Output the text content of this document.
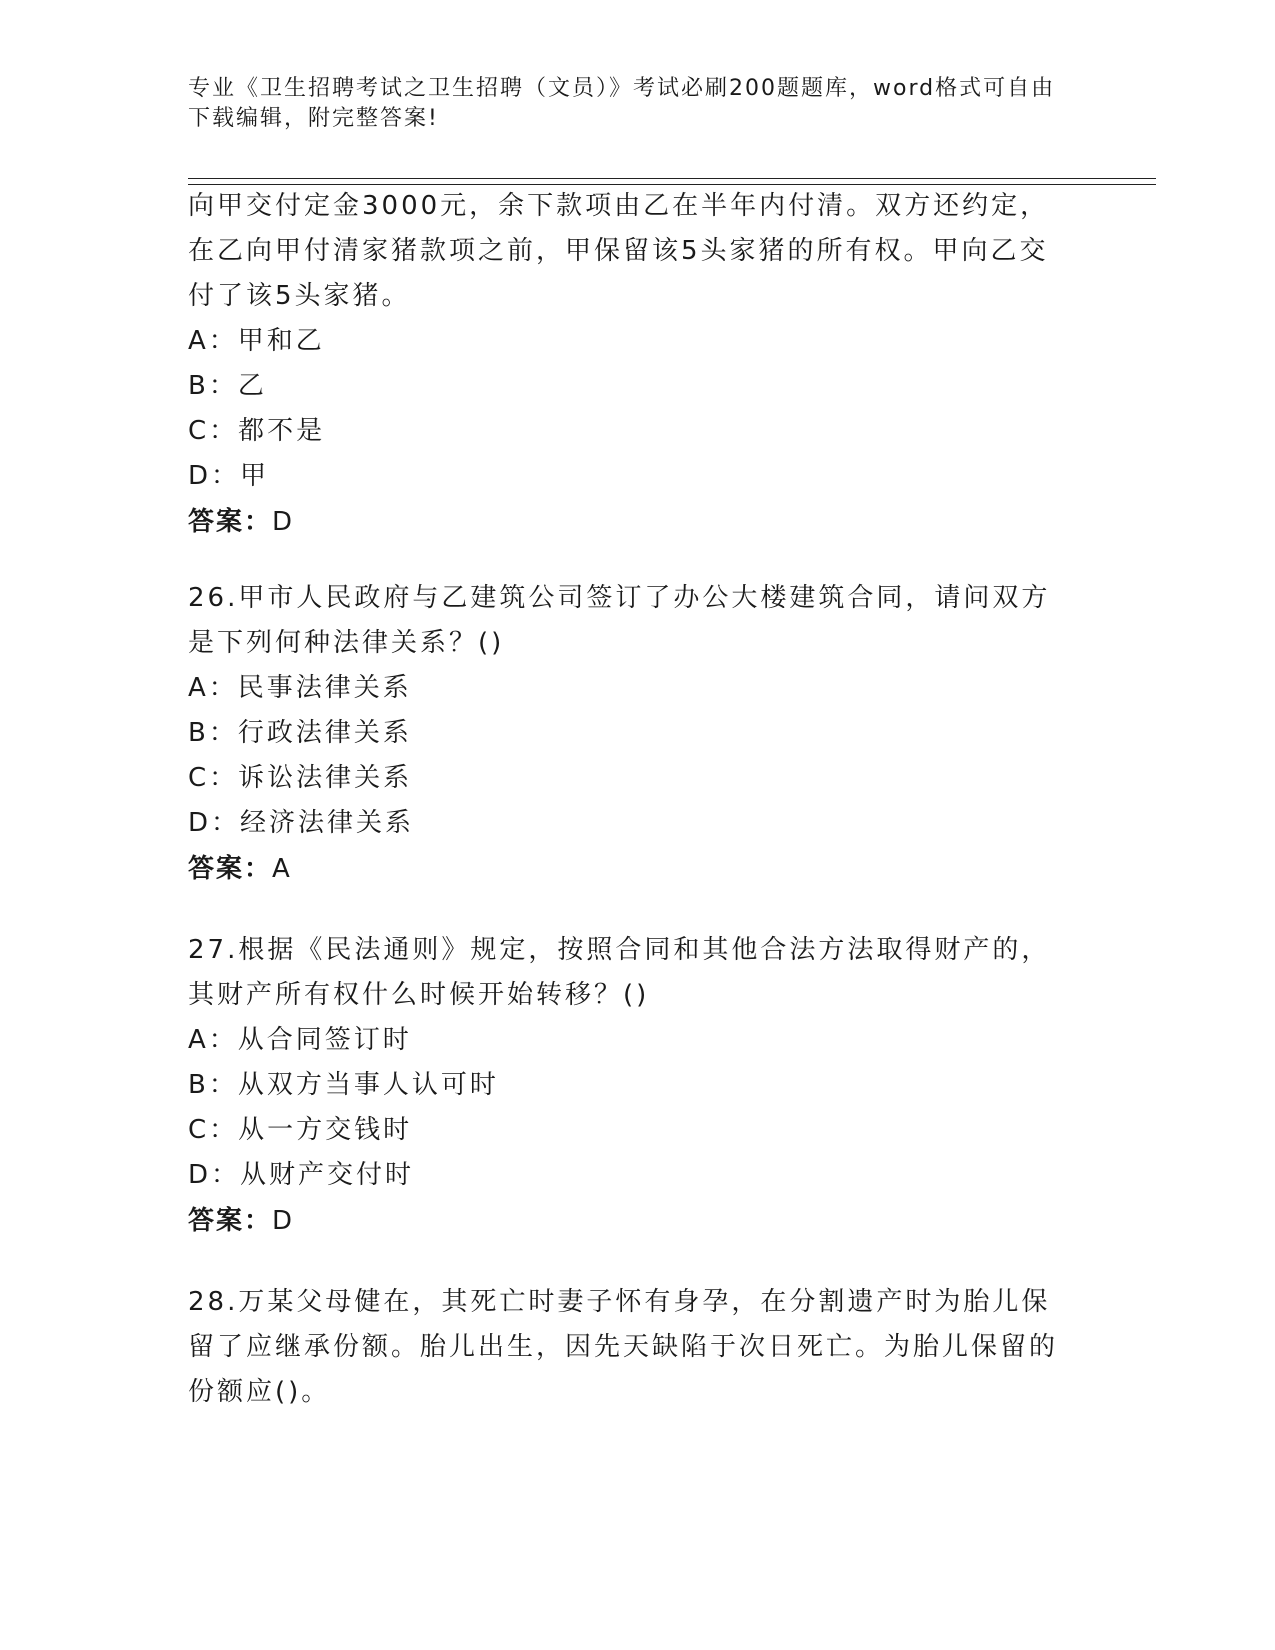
专业《卫生招聘考试之卫生招聘（文员）》考试必刷200题题库，word格式可自由下载编辑，附完整答案!

向甲交付定金3000元，余下款项由乙在半年内付清。双方还约定，在乙向甲付清家猪款项之前，甲保留该5头家猪的所有权。甲向乙交付了该5头家猪。

A：甲和乙

B：乙

C：都不是

D：甲

答案：D

26.甲市人民政府与乙建筑公司签订了办公大楼建筑合同，请问双方是下列何种法律关系？()

A：民事法律关系

B：行政法律关系

C：诉讼法律关系

D：经济法律关系

答案：A

27.根据《民法通则》规定，按照合同和其他合法方法取得财产的，其财产所有权什么时候开始转移？()

A：从合同签订时

B：从双方当事人认可时

C：从一方交钱时

D：从财产交付时

答案：D

28.万某父母健在，其死亡时妻子怀有身孕，在分割遗产时为胎儿保留了应继承份额。胎儿出生，因先天缺陷于次日死亡。为胎儿保留的份额应()。
